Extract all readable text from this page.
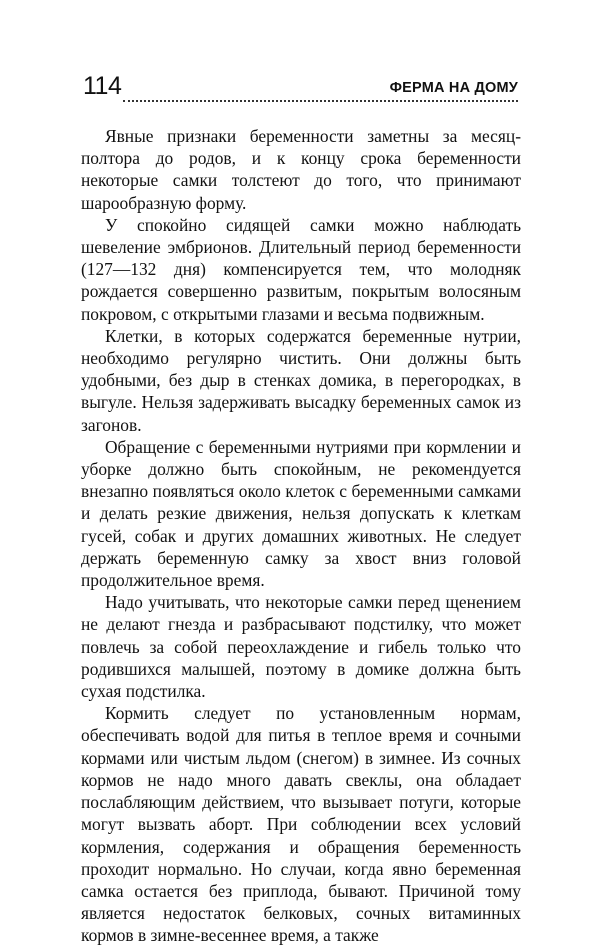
114	ФЕРМА НА ДОМУ

Явные признаки беременности заметны за месяц-полтора до родов, и к концу срока беременности некоторые самки толстеют до того, что принимают шарообразную форму.

У спокойно сидящей самки можно наблюдать шевеление эмбрионов. Длительный период беременности (127—132 дня) компенсируется тем, что молодняк рождается совершенно развитым, покрытым волосяным покровом, с открытыми глазами и весьма подвижным.

Клетки, в которых содержатся беременные нутрии, необходимо регулярно чистить. Они должны быть удобными, без дыр в стенках домика, в перегородках, в выгуле. Нельзя задерживать высадку беременных самок из загонов.

Обращение с беременными нутриями при кормлении и уборке должно быть спокойным, не рекомендуется внезапно появляться около клеток с беременными самками и делать резкие движения, нельзя допускать к клеткам гусей, собак и других домашних животных. Не следует держать беременную самку за хвост вниз головой продолжительное время.

Надо учитывать, что некоторые самки перед щенением не делают гнезда и разбрасывают подстилку, что может повлечь за собой переохлаждение и гибель только что родившихся малышей, поэтому в домике должна быть сухая подстилка.

Кормить следует по установленным нормам, обеспечивать водой для питья в теплое время и сочными кормами или чистым льдом (снегом) в зимнее. Из сочных кормов не надо много давать свеклы, она обладает послабляющим действием, что вызывает потуги, которые могут вызвать аборт. При соблюдении всех условий кормления, содержания и обращения беременность проходит нормально. Но случаи, когда явно беременная самка остается без приплода, бывают. Причиной тому является недостаток белковых, сочных витаминных кормов в зимне-весеннее время, а также
